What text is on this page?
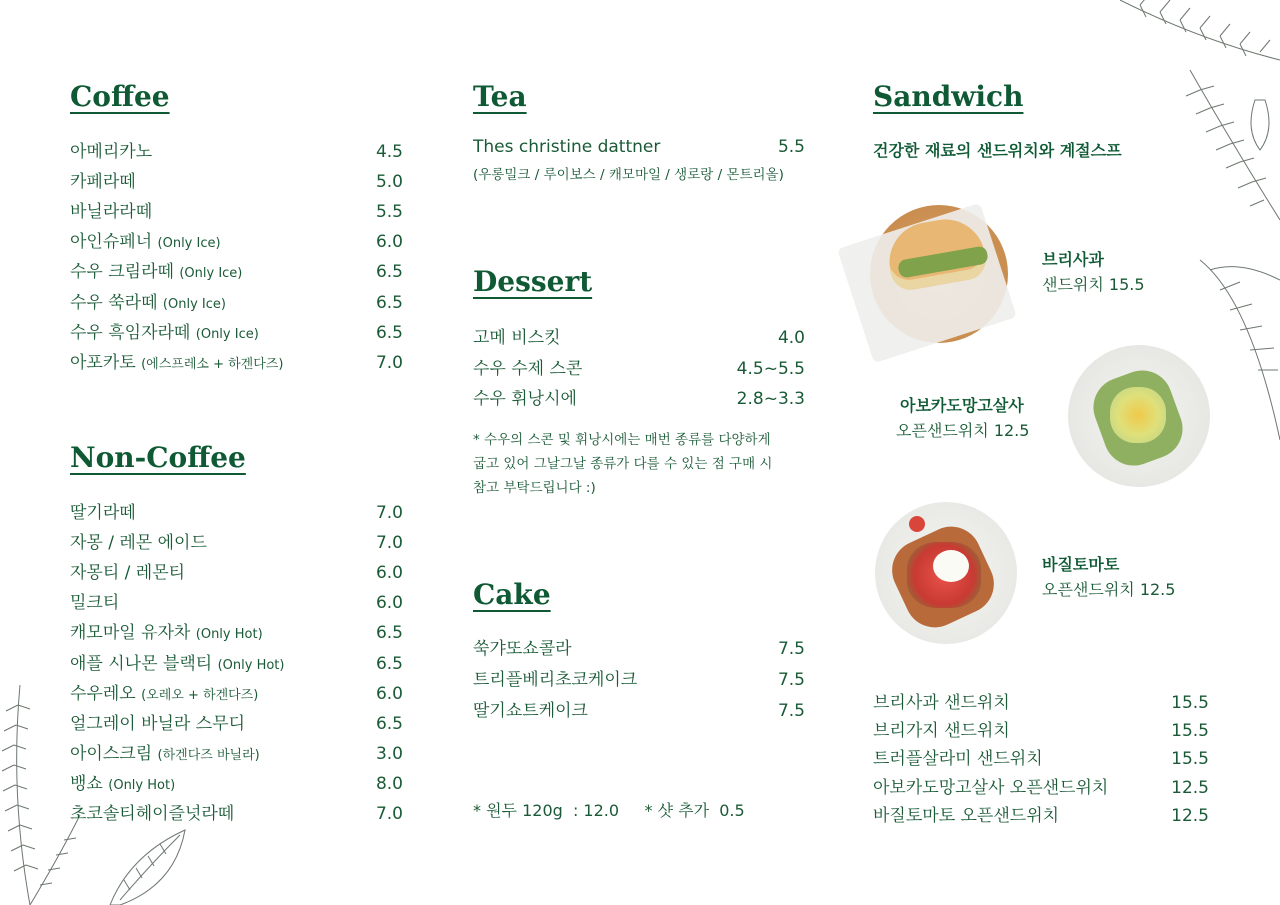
Coffee
아메리카노	4.5
카페라떼	5.0
바닐라라떼	5.5
아인슈페너 (Only Ice)	6.0
수우 크림라떼 (Only Ice)	6.5
수우 쑥라떼 (Only Ice)	6.5
수우 흑임자라떼 (Only Ice)	6.5
아포카토 (에스프레소 + 하겐다즈)	7.0
Non-Coffee
딸기라떼	7.0
자몽 / 레몬 에이드	7.0
자몽티 / 레몬티	6.0
밀크티	6.0
캐모마일 유자차 (Only Hot)	6.5
애플 시나몬 블랙티 (Only Hot)	6.5
수우레오 (오레오 + 하겐다즈)	6.0
얼그레이 바닐라 스무디	6.5
아이스크림 (하겐다즈 바닐라)	3.0
뱅쇼 (Only Hot)	8.0
초코솔티헤이즐넛라떼	7.0
Tea
Thes christine dattner	5.5
(우롱밀크 / 루이보스 / 캐모마일 / 생로랑 / 몬트리올)
Dessert
고메 비스킷	4.0
수우 수제 스콘	4.5~5.5
수우 휘낭시에	2.8~3.3
* 수우의 스콘 및 휘낭시에는 매번 종류를 다양하게
굽고 있어 그날그날 종류가 다를 수 있는 점 구매 시
참고 부탁드립니다 :)
Cake
쑥갸또쇼콜라	7.5
트리플베리초코케이크	7.5
딸기쇼트케이크	7.5
* 원두 120g  : 12.0     * 샷 추가  0.5
Sandwich
건강한 재료의 샌드위치와 계절스프
브리사과
샌드위치 15.5
아보카도망고살사
오픈샌드위치 12.5
바질토마토
오픈샌드위치 12.5
브리사과 샌드위치	15.5
브리가지 샌드위치	15.5
트러플살라미 샌드위치	15.5
아보카도망고살사 오픈샌드위치	12.5
바질토마토 오픈샌드위치	12.5
